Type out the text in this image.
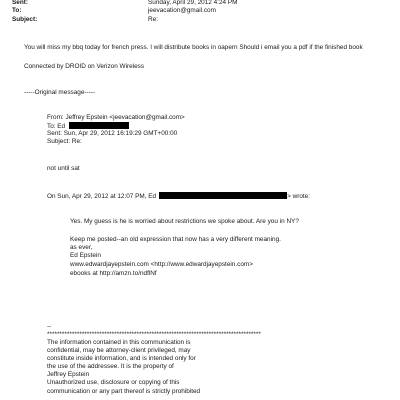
Sent:	Sunday, April 29, 2012 4:24 PM
To:	jeevacation@gmail.com
Subject:	Re:
You will miss my bbq today for french press. I will distribute books in oapern Should i email you a pdf if the finished book
Connected by DROID on Verizon Wireless
-----Original message-----
From: Jeffrey Epstein <jeevacation@gmail.com>
To: Ed
Sent: Sun, Apr 29, 2012 16:19:29 GMT+00:00
Subject: Re:
not until sat
On Sun, Apr 29, 2012 at 12:07 PM, Ed	> wrote:
Yes. My guess is he is worried about restrictions we spoke about. Are you in NY?
Keep me posted--an old expression that now has a very different meaning.
as ever,
Ed Epstein
www.edwardjayepstein.com <http://www.edwardjayepstein.com>
ebooks at http://amzn.to/ndflNf
--
**************************************************************************************
The information contained in this communication is
confidential, may be attorney-client privileged, may
constitute inside information, and is intended only for
the use of the addressee. It is the property of
Jeffrey Epstein
Unauthorized use, disclosure or copying of this
communication or any part thereof is strictly prohibited
